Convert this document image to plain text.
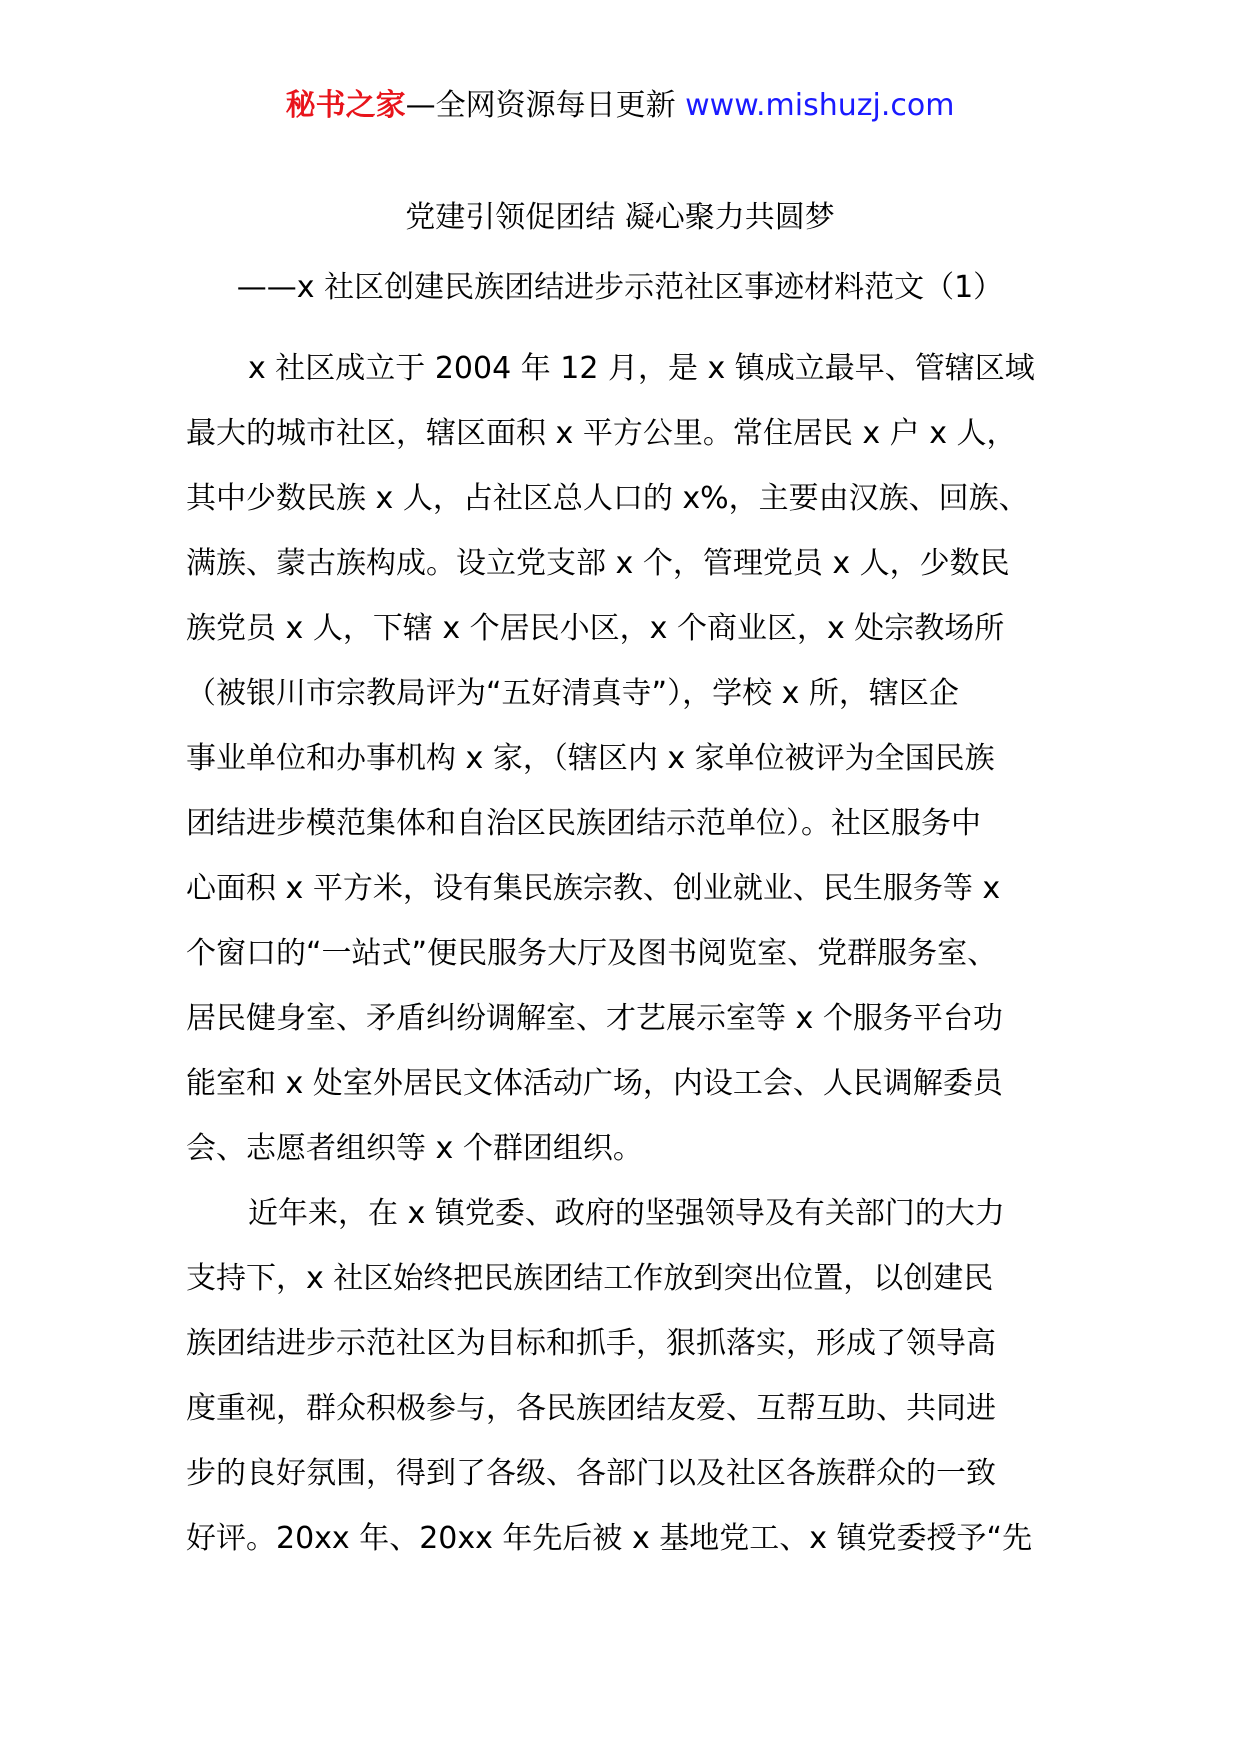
秘书之家—全网资源每日更新 www.mishuzj.com
党建引领促团结 凝心聚力共圆梦
——x 社区创建民族团结进步示范社区事迹材料范文（1）
x 社区成立于 2004 年 12 月，是 x 镇成立最早、管辖区域
最大的城市社区，辖区面积 x 平方公里。常住居民 x 户 x 人，
其中少数民族 x 人，占社区总人口的 x%，主要由汉族、回族、
满族、蒙古族构成。设立党支部 x 个，管理党员 x 人，少数民
族党员 x 人，下辖 x 个居民小区，x 个商业区，x 处宗教场所
（被银川市宗教局评为“五好清真寺”），学校 x 所，辖区企
事业单位和办事机构 x 家，（辖区内 x 家单位被评为全国民族
团结进步模范集体和自治区民族团结示范单位）。社区服务中
心面积 x 平方米，设有集民族宗教、创业就业、民生服务等 x
个窗口的“一站式”便民服务大厅及图书阅览室、党群服务室、
居民健身室、矛盾纠纷调解室、才艺展示室等 x 个服务平台功
能室和 x 处室外居民文体活动广场，内设工会、人民调解委员
会、志愿者组织等 x 个群团组织。
近年来，在 x 镇党委、政府的坚强领导及有关部门的大力
支持下，x 社区始终把民族团结工作放到突出位置，以创建民
族团结进步示范社区为目标和抓手，狠抓落实，形成了领导高
度重视，群众积极参与，各民族团结友爱、互帮互助、共同进
步的良好氛围，得到了各级、各部门以及社区各族群众的一致
好评。20xx 年、20xx 年先后被 x 基地党工、x 镇党委授予“先
